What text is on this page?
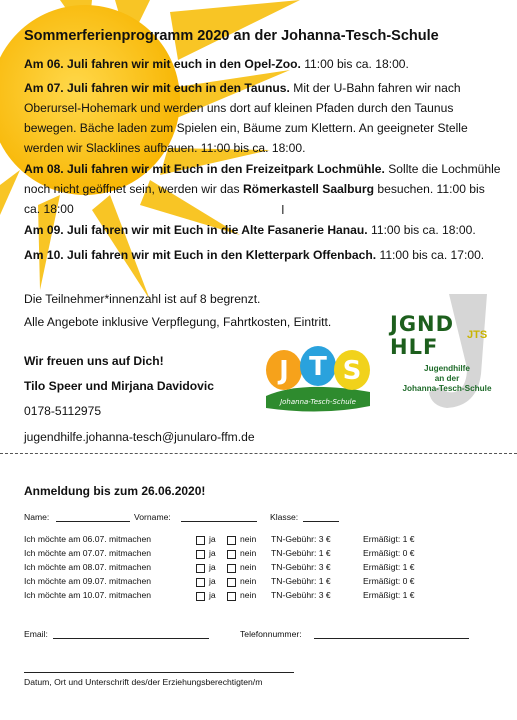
Sommerferienprogramm 2020 an der Johanna-Tesch-Schule

Am 06. Juli fahren wir mit euch in den Opel-Zoo. 11:00 bis ca. 18:00.

Am 07. Juli fahren wir mit euch in den Taunus. Mit der U-Bahn fahren wir nach Oberursel-Hohemark und werden uns dort auf kleinen Pfaden durch den Taunus bewegen. Bäche laden zum Spielen ein, Bäume zum Klettern. An geeigneter Stelle werden wir Slacklines aufbauen. 11:00 bis ca. 18:00.

Am 08. Juli fahren wir mit Euch in den Freizeitpark Lochmühle. Sollte die Lochmühle noch nicht geöffnet sein, werden wir das Römerkastell Saalburg besuchen. 11:00 bis ca. 18:00

Am 09. Juli fahren wir mit Euch in die Alte Fasanerie Hanau. 11:00 bis ca. 18:00.

Am 10. Juli fahren wir mit Euch in den Kletterpark Offenbach. 11:00 bis ca. 17:00.

I
Die Teilnehmer*innenzahl ist auf 8 begrenzt.
Alle Angebote inklusive Verpflegung, Fahrtkosten, Eintritt.
Wir freuen uns auf Dich!
Tilo Speer und Mirjana Davidovic
0178-5112975
jugendhilfe.johanna-tesch@junularo-ffm.de
J T S
Johanna-Tesch-Schule
JGND JTS
HLF
Jugendhilfe
an der
Johanna-Tesch-Schule
Anmeldung bis zum 26.06.2020!
Name:	Vorname:	Klasse:
Ich möchte am 06.07. mitmachen	ja	nein TN-Gebühr: 3 €	Ermäßigt: 1 €
Ich möchte am 07.07. mitmachen	ja	nein TN-Gebühr: 1 €	Ermäßigt: 0 €
Ich möchte am 08.07. mitmachen	ja	nein TN-Gebühr: 3 €	Ermäßigt: 1 €
Ich möchte am 09.07. mitmachen	ja	nein TN-Gebühr: 1 €	Ermäßigt: 0 €
Ich möchte am 10.07. mitmachen	ja	nein TN-Gebühr: 3 €	Ermäßigt: 1 €
Email:	Telefonnummer:
Datum, Ort und Unterschrift des/der Erziehungsberechtigten/m
